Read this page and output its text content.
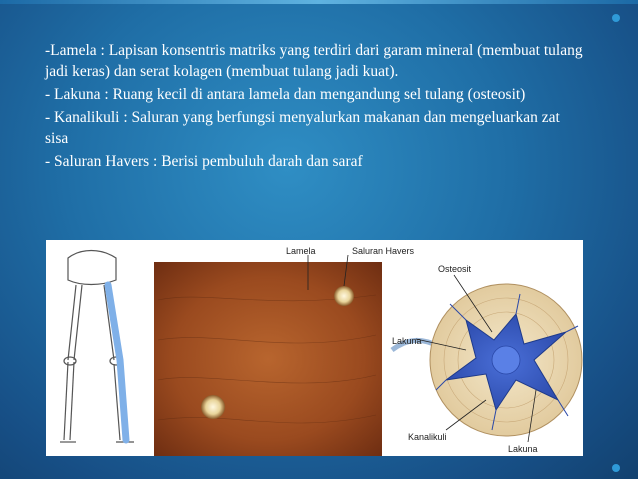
-Lamela : Lapisan konsentris matriks yang terdiri dari garam mineral (membuat tulang jadi keras) dan serat kolagen (membuat tulang jadi kuat).

- Lakuna : Ruang kecil di antara lamela dan mengandung sel tulang (osteosit)

- Kanalikuli : Saluran yang berfungsi menyalurkan makanan dan mengeluarkan zat sisa

- Saluran Havers : Berisi pembuluh darah dan saraf

Lamela	Saluran Havers
Osteosit
Lakuna
Kanalikuli
Lakuna
